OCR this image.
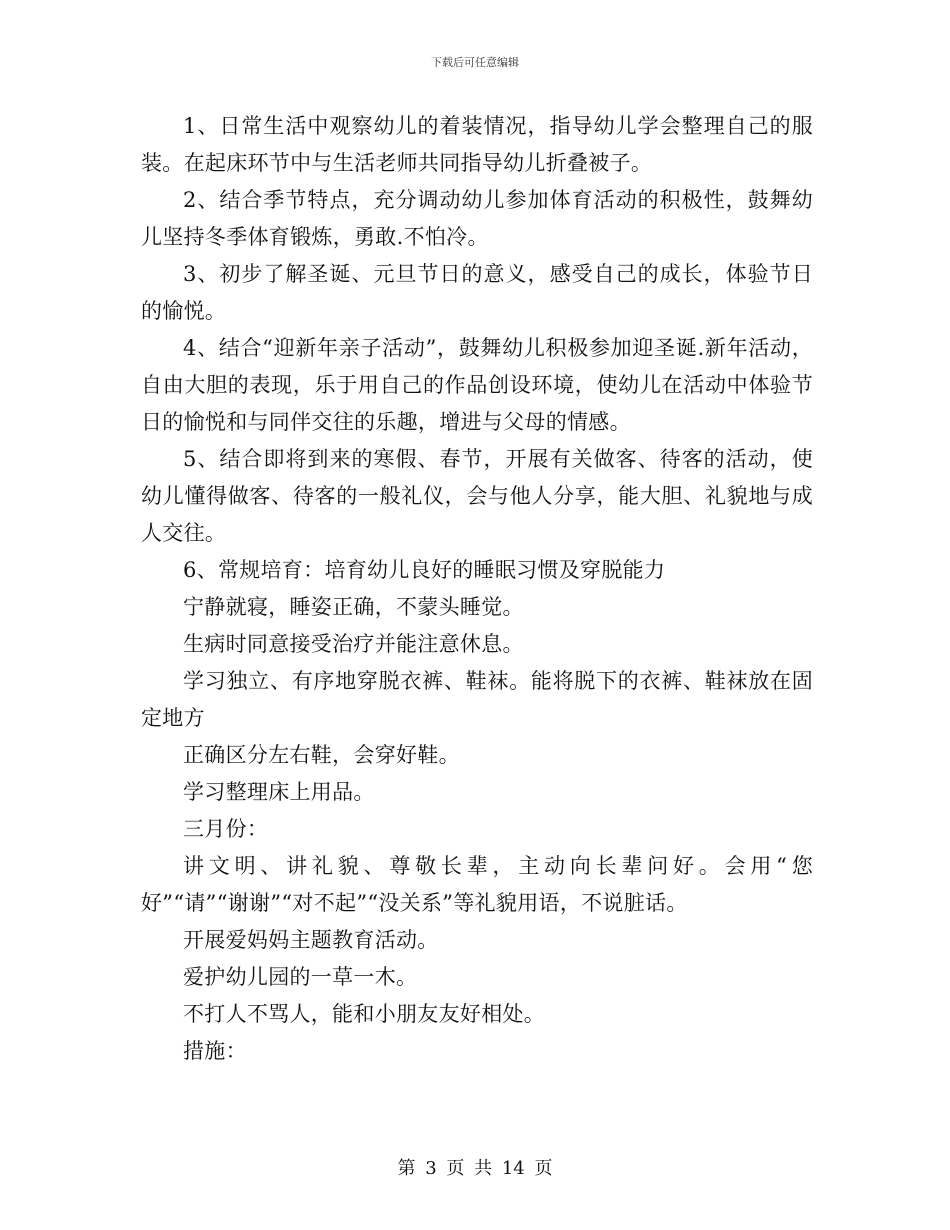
下载后可任意编辑

1、日常生活中观察幼儿的着装情况，指导幼儿学会整理自己的服装。在起床环节中与生活老师共同指导幼儿折叠被子。

2、结合季节特点，充分调动幼儿参加体育活动的积极性，鼓舞幼儿坚持冬季体育锻炼，勇敢.不怕冷。

3、初步了解圣诞、元旦节日的意义，感受自己的成长，体验节日的愉悦。

4、结合“迎新年亲子活动”，鼓舞幼儿积极参加迎圣诞.新年活动，自由大胆的表现，乐于用自己的作品创设环境，使幼儿在活动中体验节日的愉悦和与同伴交往的乐趣，增进与父母的情感。

5、结合即将到来的寒假、春节，开展有关做客、待客的活动，使幼儿懂得做客、待客的一般礼仪，会与他人分享，能大胆、礼貌地与成人交往。

6、常规培育：培育幼儿良好的睡眠习惯及穿脱能力

宁静就寝，睡姿正确，不蒙头睡觉。

生病时同意接受治疗并能注意休息。

学习独立、有序地穿脱衣裤、鞋袜。能将脱下的衣裤、鞋袜放在固定地方

正确区分左右鞋，会穿好鞋。

学习整理床上用品。

三月份：

讲文明、讲礼貌、尊敬长辈，主动向长辈问好。会用“您好”“请”“谢谢”“对不起”“没关系”等礼貌用语，不说脏话。

开展爱妈妈主题教育活动。

爱护幼儿园的一草一木。

不打人不骂人，能和小朋友友好相处。

措施：

第 3 页 共 14 页
